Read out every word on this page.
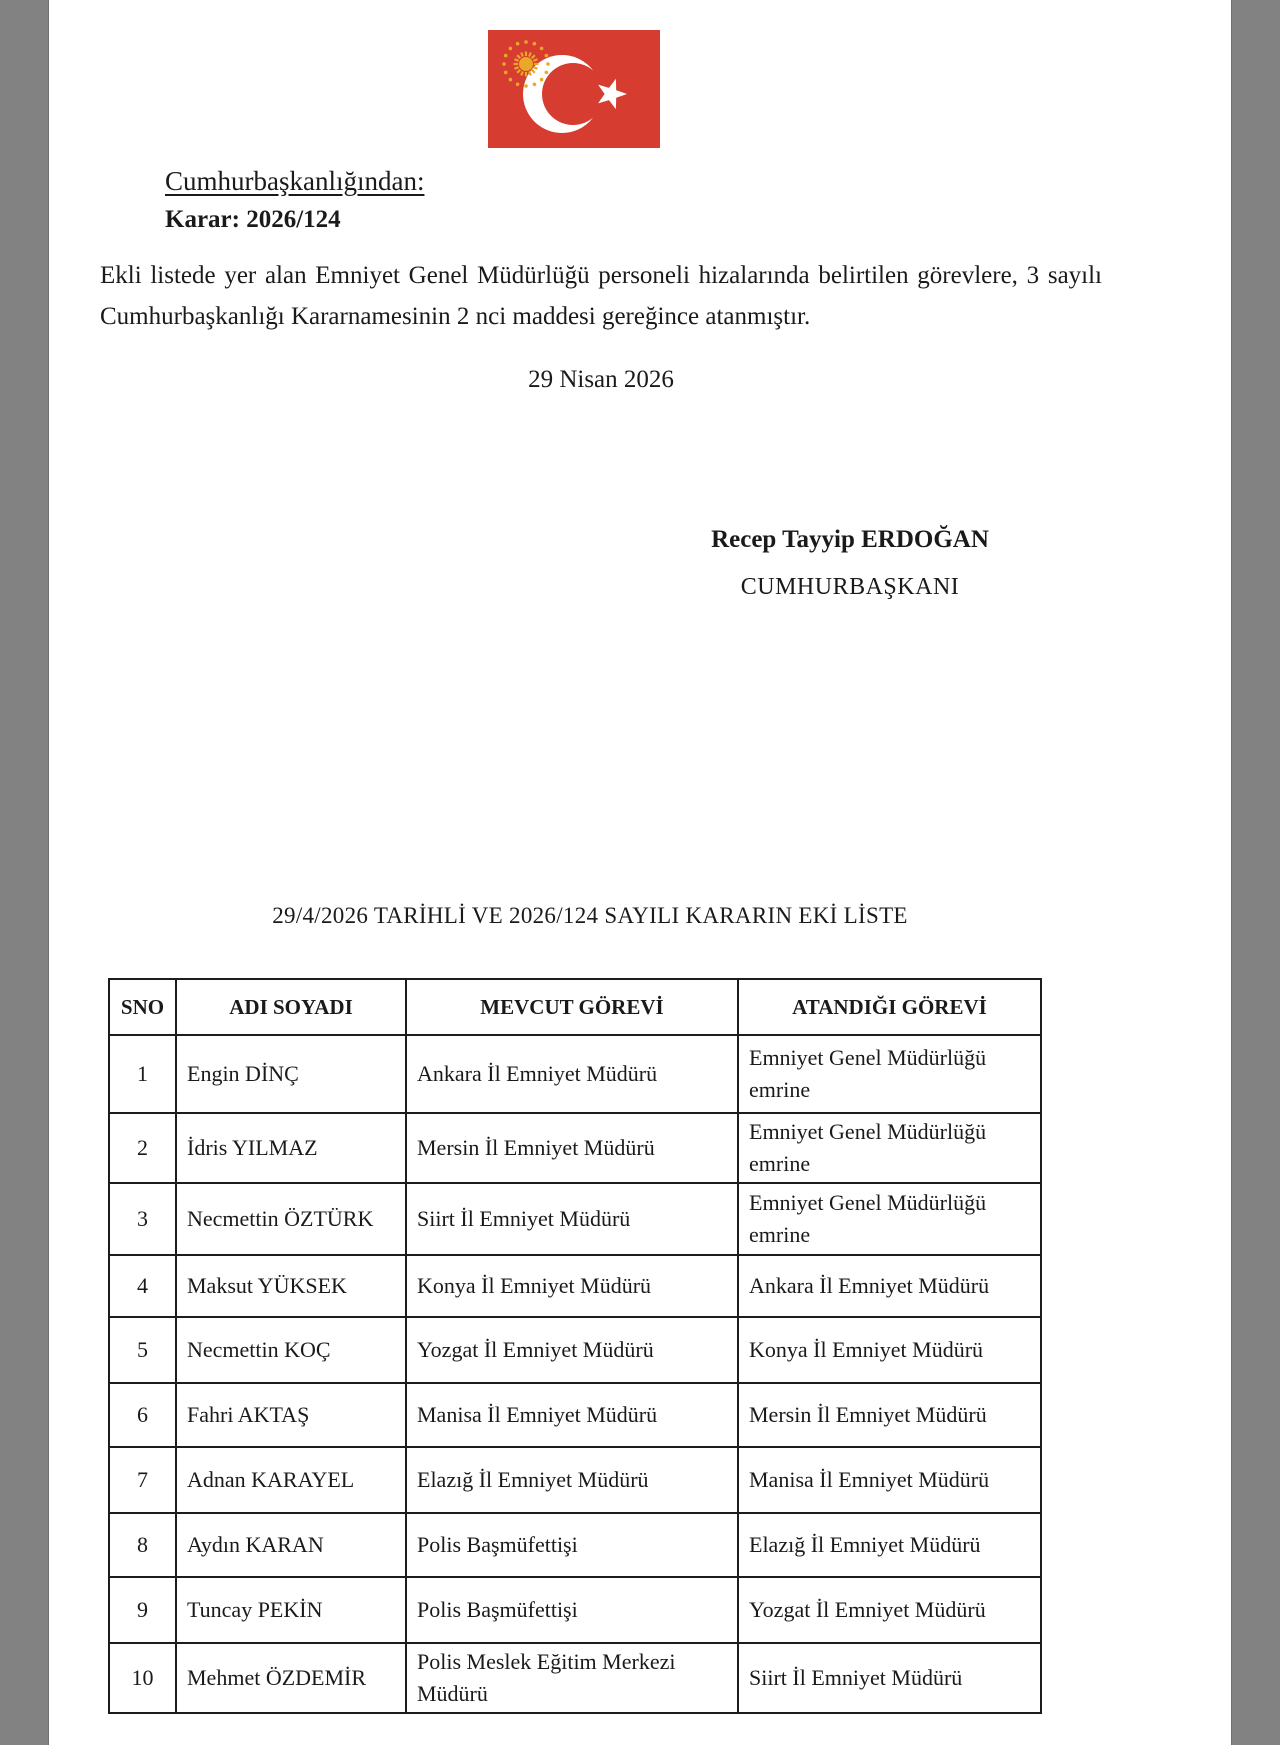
Cumhurbaşkanlığından:
Karar: 2026/124
Ekli listede yer alan Emniyet Genel Müdürlüğü personeli hizalarında belirtilen görevlere, 3 sayılı Cumhurbaşkanlığı Kararnamesinin 2 nci maddesi gereğince atanmıştır.
29 Nisan 2026
Recep Tayyip ERDOĞAN
CUMHURBAŞKANI
29/4/2026 TARİHLİ VE 2026/124 SAYILI KARARIN EKİ LİSTE
SNO	ADI SOYADI	MEVCUT GÖREVİ	ATANDIĞI GÖREVİ
1	Engin DİNÇ	Ankara İl Emniyet Müdürü	Emniyet Genel Müdürlüğü emrine
2	İdris YILMAZ	Mersin İl Emniyet Müdürü	Emniyet Genel Müdürlüğü emrine
3	Necmettin ÖZTÜRK	Siirt İl Emniyet Müdürü	Emniyet Genel Müdürlüğü emrine
4	Maksut YÜKSEK	Konya İl Emniyet Müdürü	Ankara İl Emniyet Müdürü
5	Necmettin KOÇ	Yozgat İl Emniyet Müdürü	Konya İl Emniyet Müdürü
6	Fahri AKTAŞ	Manisa İl Emniyet Müdürü	Mersin İl Emniyet Müdürü
7	Adnan KARAYEL	Elazığ İl Emniyet Müdürü	Manisa İl Emniyet Müdürü
8	Aydın KARAN	Polis Başmüfettişi	Elazığ İl Emniyet Müdürü
9	Tuncay PEKİN	Polis Başmüfettişi	Yozgat İl Emniyet Müdürü
10	Mehmet ÖZDEMİR	Polis Meslek Eğitim Merkezi Müdürü	Siirt İl Emniyet Müdürü
